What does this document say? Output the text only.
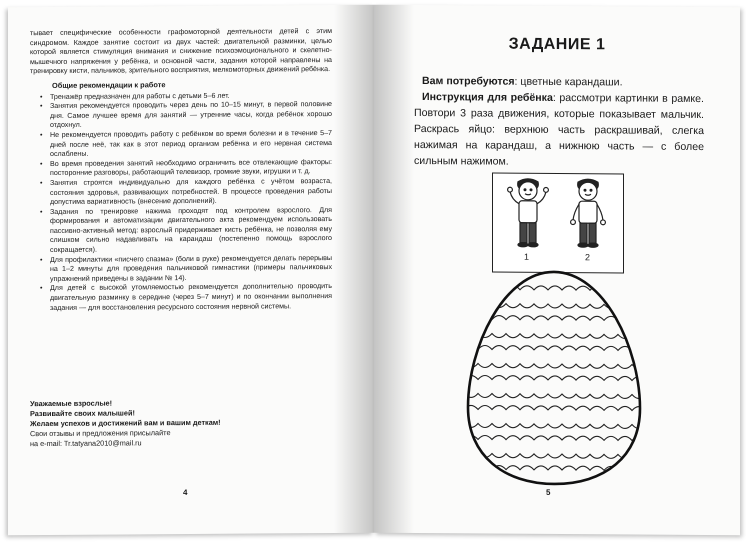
тывает специфические особенности графомоторной деятельности детей с этим синдромом. Каждое занятие состоит из двух частей: двигательной разминки, целью которой является стимуляция внимания и снижение психоэмоционального и скелетно-мышечного напряжения у ребёнка, и основной части, задания которой направлены на тренировку кисти, пальчиков, зрительного восприятия, мелкомоторных движений ребёнка.

Общие рекомендации к работе
• Тренажёр предназначен для работы с детьми 5–6 лет.
• Занятия рекомендуется проводить через день по 10–15 минут, в первой половине дня. Самое лучшее время для занятий — утренние часы, когда ребёнок хорошо отдохнул.
• Не рекомендуется проводить работу с ребёнком во время болезни и в течение 5–7 дней после неё, так как в этот период организм ребёнка и его нервная система ослаблены.
• Во время проведения занятий необходимо ограничить все отвлекающие факторы: посторонние разговоры, работающий телевизор, громкие звуки, игрушки и т. д.
• Занятия строятся индивидуально для каждого ребёнка с учётом возраста, состояния здоровья, развивающих потребностей. В процессе проведения работы допустима вариативность (внесение дополнений).
• Задания по тренировке нажима проходят под контролем взрослого. Для формирования и автоматизации двигательного акта рекомендуем использовать пассивно-активный метод: взрослый придерживает кисть ребёнка, не позволяя ему слишком сильно надавливать на карандаш (постепенно помощь взрослого сокращается).
• Для профилактики «писчего спазма» (боли в руке) рекомендуется делать перерывы на 1–2 минуты для проведения пальчиковой гимнастики (примеры пальчиковых упражнений приведены в задании № 14).
• Для детей с высокой утомляемостью рекомендуется дополнительно проводить двигательную разминку в середине (через 5–7 минут) и по окончании выполнения задания — для восстановления ресурсного состояния нервной системы.
Уважаемые взрослые!
Развивайте своих малышей!
Желаем успехов и достижений вам и вашим деткам!
Свои отзывы и предложения присылайте
на e-mail: Tr.tatyana2010@mail.ru
4
ЗАДАНИЕ 1

Вам потребуются: цветные карандаши.

Инструкция для ребёнка: рассмотри картинки в рамке. Повтори 3 раза движения, которые показывает мальчик. Раскрась яйцо: верхнюю часть раскрашивай, слегка нажимая на карандаш, а нижнюю часть — с более сильным нажимом.

1	2
5
